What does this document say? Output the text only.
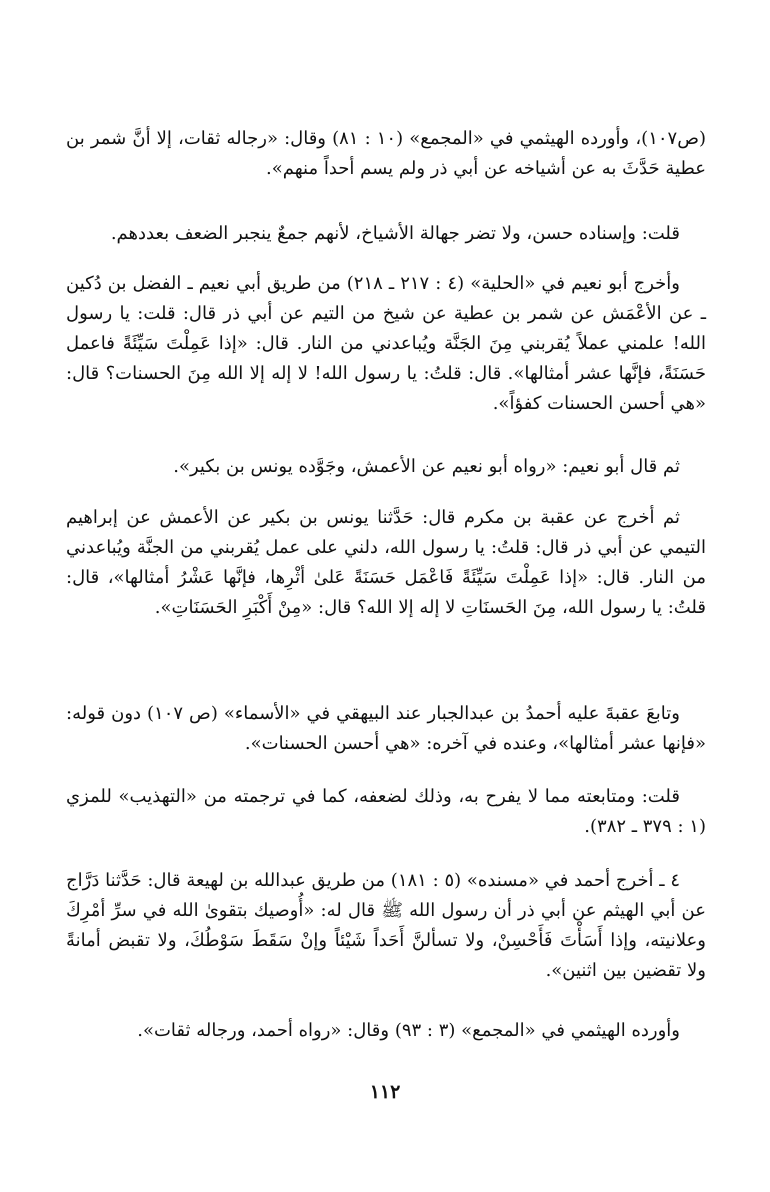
(ص١٠٧)، وأورده الهيثمي في «المجمع» (١٠ : ٨١) وقال: «رجاله ثقات، إلا أنَّ شمر بن عطية حَدَّثَ به عن أشياخه عن أبي ذر ولم يسم أحداً منهم».

قلت: وإسناده حسن، ولا تضر جهالة الأشياخ، لأنهم جمعٌ ينجبر الضعف بعددهم.

وأخرج أبو نعيم في «الحلية» (٤ : ٢١٧ ـ ٢١٨) من طريق أبي نعيم ـ الفضل بن دُكين ـ عن الأعْمَش عن شمر بن عطية عن شيخ من التيم عن أبي ذر قال: قلت: يا رسول الله! علمني عملاً يُقربني مِنَ الجَنَّة ويُباعدني من النار. قال: «إذا عَمِلْتَ سَيِّئَةً فاعمل حَسَنَةً، فإنَّها عشر أمثالها». قال: قلتُ: يا رسول الله! لا إله إلا الله مِنَ الحسنات؟ قال: «هي أحسن الحسنات كفؤاً».

ثم قال أبو نعيم: «رواه أبو نعيم عن الأعمش، وجَوَّده يونس بن بكير».

ثم أخرج عن عقبة بن مكرم قال: حَدَّثنا يونس بن بكير عن الأعمش عن إبراهيم التيمي عن أبي ذر قال: قلتُ: يا رسول الله، دلني على عمل يُقربني من الجنَّة ويُباعدني من النار. قال: «إذا عَمِلْتَ سَيِّئَةً فَاعْمَل حَسَنَةً عَلىٰ أثْرِها، فإنَّها عَشْرُ أمثالها»، قال: قلتُ: يا رسول الله، مِنَ الحَسنَاتِ لا إله إلا الله؟ قال: «مِنْ أَكْبَرِ الحَسَنَاتِ».

وتابعَ عقبةَ عليه أحمدُ بن عبدالجبار عند البيهقي في «الأسماء» (ص ١٠٧) دون قوله: «فإنها عشر أمثالها»، وعنده في آخره: «هي أحسن الحسنات».

قلت: ومتابعته مما لا يفرح به، وذلك لضعفه، كما في ترجمته من «التهذيب» للمزي (١ : ٣٧٩ ـ ٣٨٢).

٤ ـ أخرج أحمد في «مسنده» (٥ : ١٨١) من طريق عبدالله بن لهيعة قال: حَدَّثنا دَرَّاج عن أبي الهيثم عن أبي ذر أن رسول الله ﷺ قال له: «أُوصيك بتقوىٰ الله في سرِّ أمْرِكَ وعلانيته، وإذا أَسَأْتَ فَأَحْسِنْ، ولا تسألنَّ أَحَداً شَيْئاً وإنْ سَقَطَ سَوْطُكَ، ولا تقبض أمانةً ولا تقضين بين اثنين».

وأورده الهيثمي في «المجمع» (٣ : ٩٣) وقال: «رواه أحمد، ورجاله ثقات».

١١٢
